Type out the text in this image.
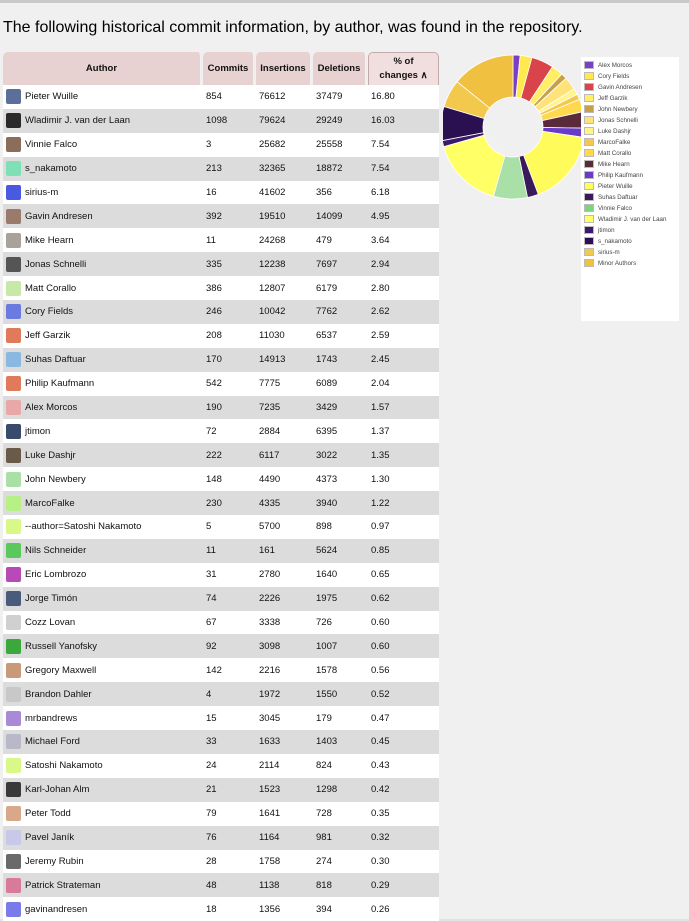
The following historical commit information, by author, was found in the repository.
Author	Commits	Insertions	Deletions	% of changes ∧
Pieter Wuille	854	76612	37479	16.80
Wladimir J. van der Laan	1098	79624	29249	16.03
Vinnie Falco	3	25682	25558	7.54
s_nakamoto	213	32365	18872	7.54
sirius-m	16	41602	356	6.18
Gavin Andresen	392	19510	14099	4.95
Mike Hearn	11	24268	479	3.64
Jonas Schnelli	335	12238	7697	2.94
Matt Corallo	386	12807	6179	2.80
Cory Fields	246	10042	7762	2.62
Jeff Garzik	208	11030	6537	2.59
Suhas Daftuar	170	14913	1743	2.45
Philip Kaufmann	542	7775	6089	2.04
Alex Morcos	190	7235	3429	1.57
jtimon	72	2884	6395	1.37
Luke Dashjr	222	6117	3022	1.35
John Newbery	148	4490	4373	1.30
MarcoFalke	230	4335	3940	1.22
--author=Satoshi Nakamoto	5	5700	898	0.97
Nils Schneider	11	161	5624	0.85
Eric Lombrozo	31	2780	1640	0.65
Jorge Timón	74	2226	1975	0.62
Cozz Lovan	67	3338	726	0.60
Russell Yanofsky	92	3098	1007	0.60
Gregory Maxwell	142	2216	1578	0.56
Brandon Dahler	4	1972	1550	0.52
mrbandrews	15	3045	179	0.47
Michael Ford	33	1633	1403	0.45
Satoshi Nakamoto	24	2114	824	0.43
Karl-Johan Alm	21	1523	1298	0.42
Peter Todd	79	1641	728	0.35
Pavel Janík	76	1164	981	0.32
Jeremy Rubin	28	1758	274	0.30
Patrick Strateman	48	1138	818	0.29
gavinandresen	18	1356	394	0.26
Alex Morcos
Cory Fields
Gavin Andresen
Jeff Garzik
John Newbery
Jonas Schnelli
Luke Dashjr
MarcoFalke
Matt Corallo
Mike Hearn
Philip Kaufmann
Pieter Wuille
Suhas Daftuar
Vinnie Falco
Wladimir J. van der Laan
jtimon
s_nakamoto
sirius-m
Minor Authors
